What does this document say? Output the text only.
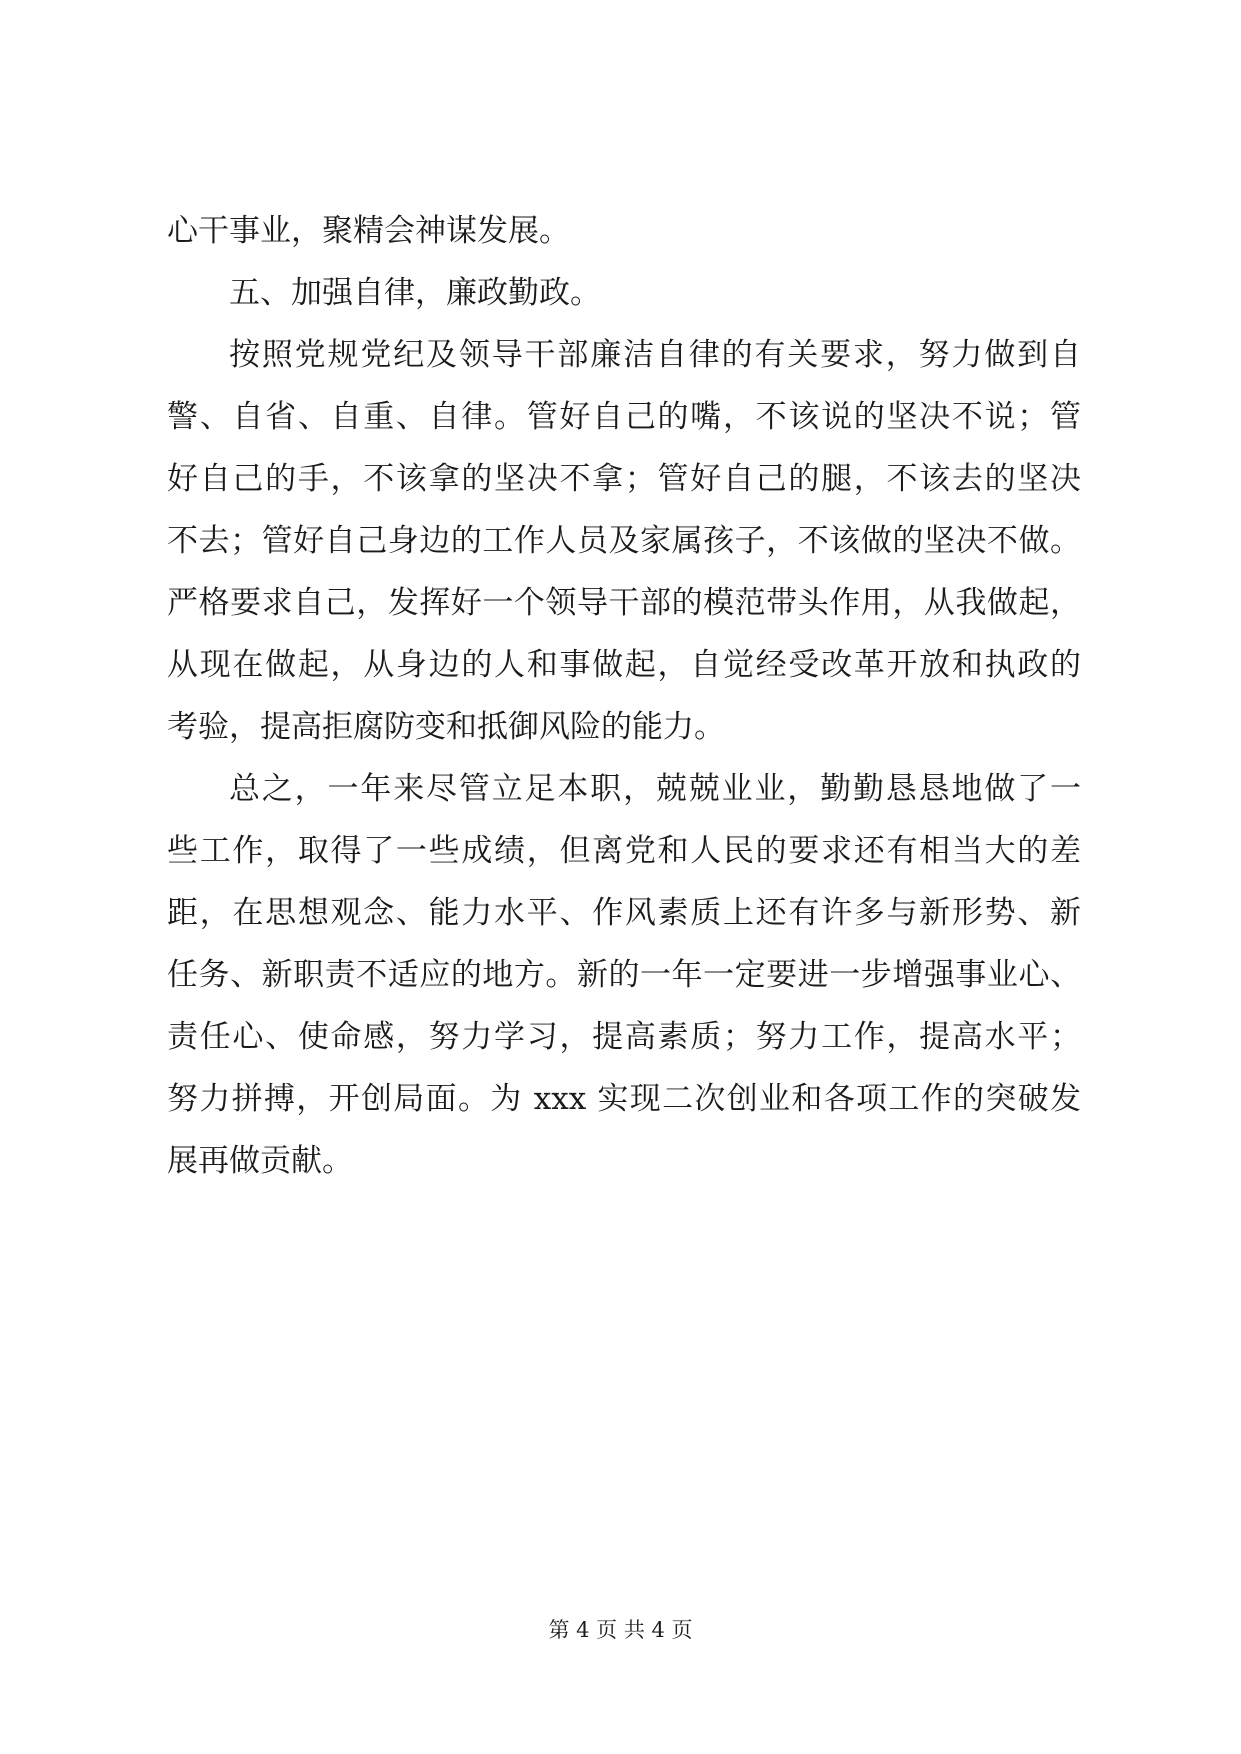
心干事业，聚精会神谋发展。
五、加强自律，廉政勤政。
按照党规党纪及领导干部廉洁自律的有关要求，努力做到自
警、自省、自重、自律。管好自己的嘴，不该说的坚决不说；管
好自己的手，不该拿的坚决不拿；管好自己的腿，不该去的坚决
不去；管好自己身边的工作人员及家属孩子，不该做的坚决不做。
严格要求自己，发挥好一个领导干部的模范带头作用，从我做起，
从现在做起，从身边的人和事做起，自觉经受改革开放和执政的
考验，提高拒腐防变和抵御风险的能力。
总之，一年来尽管立足本职，兢兢业业，勤勤恳恳地做了一
些工作，取得了一些成绩，但离党和人民的要求还有相当大的差
距，在思想观念、能力水平、作风素质上还有许多与新形势、新
任务、新职责不适应的地方。新的一年一定要进一步增强事业心、
责任心、使命感，努力学习，提高素质；努力工作，提高水平；
努力拼搏，开创局面。为 xxx 实现二次创业和各项工作的突破发
展再做贡献。
第 4 页 共 4 页
